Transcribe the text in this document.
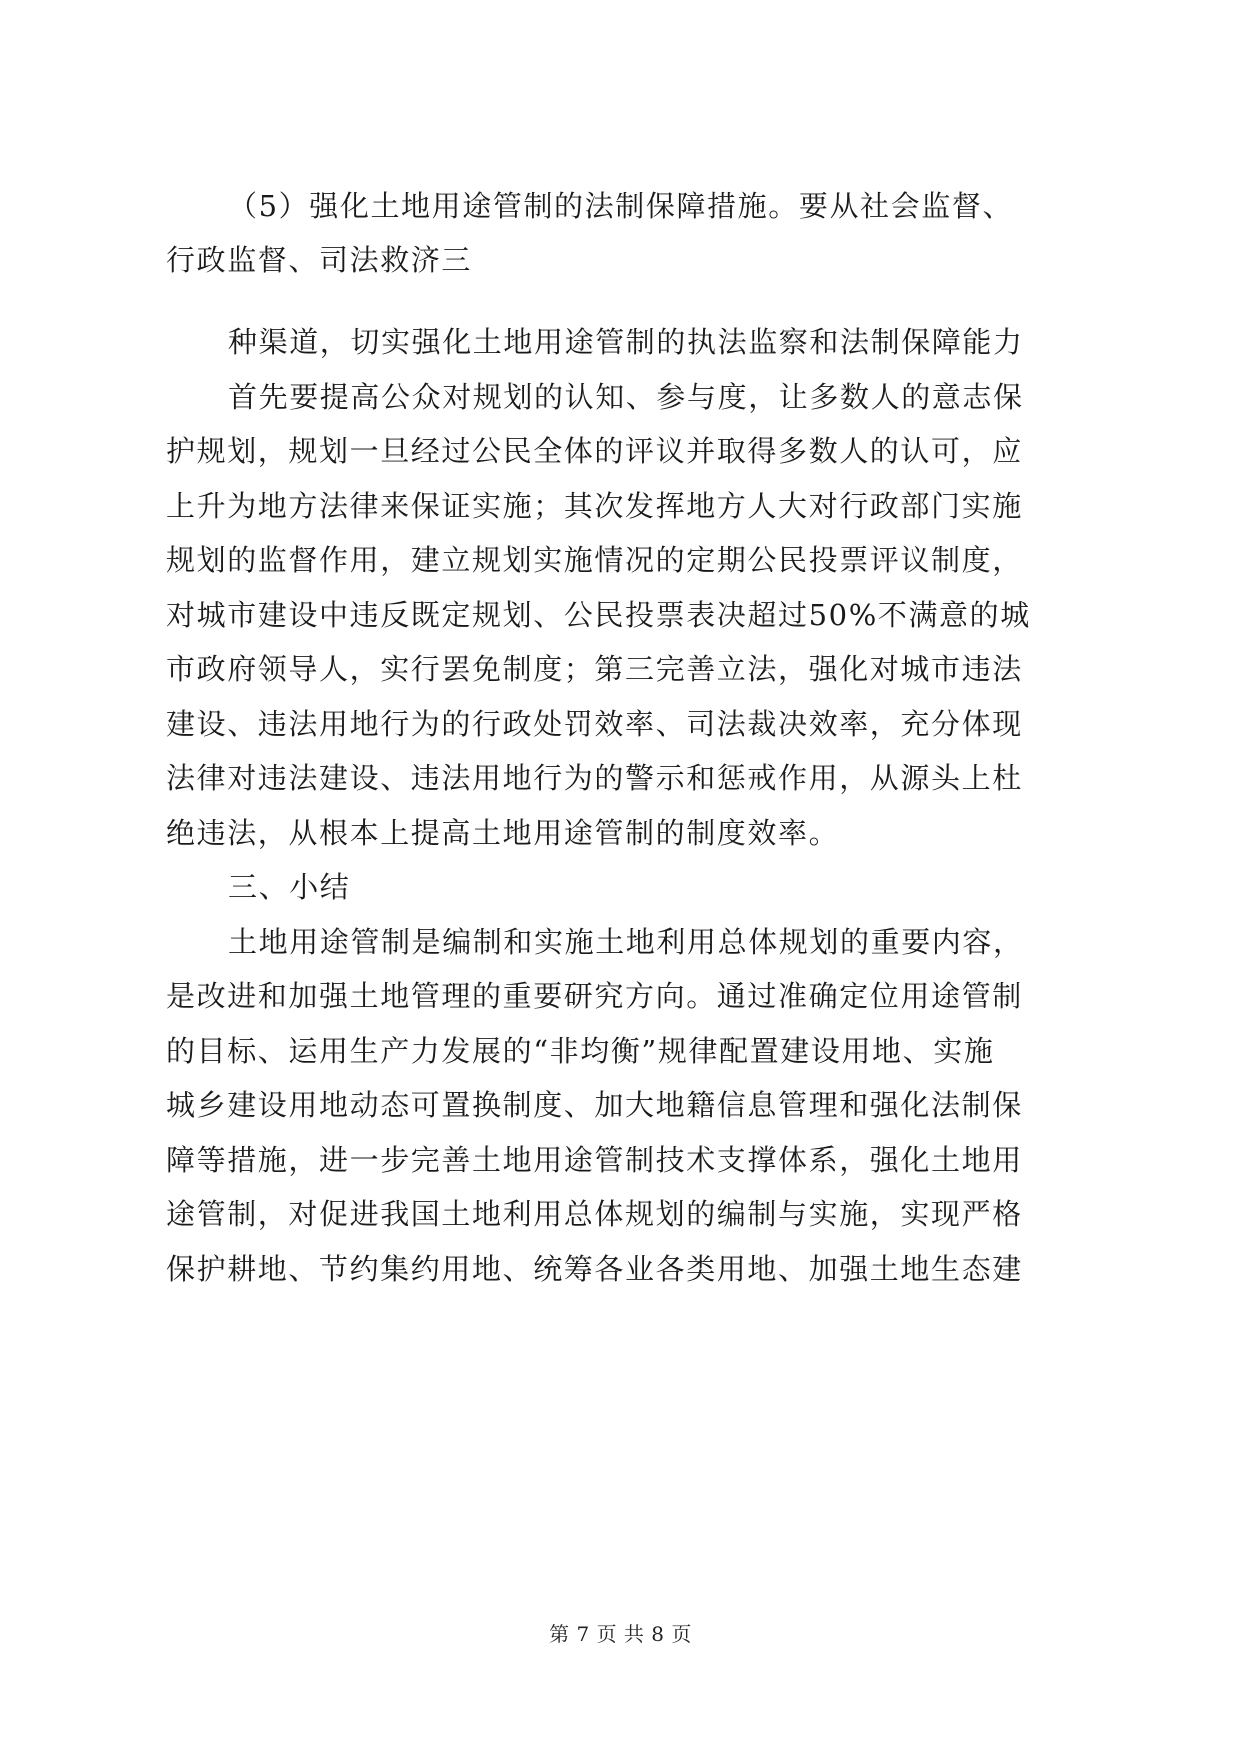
（5）强化土地用途管制的法制保障措施。要从社会监督、
行政监督、司法救济三
种渠道，切实强化土地用途管制的执法监察和法制保障能力
首先要提高公众对规划的认知、参与度，让多数人的意志保
护规划，规划一旦经过公民全体的评议并取得多数人的认可，应
上升为地方法律来保证实施；其次发挥地方人大对行政部门实施
规划的监督作用，建立规划实施情况的定期公民投票评议制度，
对城市建设中违反既定规划、公民投票表决超过50%不满意的城
市政府领导人，实行罢免制度；第三完善立法，强化对城市违法
建设、违法用地行为的行政处罚效率、司法裁决效率，充分体现
法律对违法建设、违法用地行为的警示和惩戒作用，从源头上杜
绝违法，从根本上提高土地用途管制的制度效率。
三、小结
土地用途管制是编制和实施土地利用总体规划的重要内容，
是改进和加强土地管理的重要研究方向。通过准确定位用途管制
的目标、运用生产力发展的“非均衡”规律配置建设用地、实施
城乡建设用地动态可置换制度、加大地籍信息管理和强化法制保
障等措施，进一步完善土地用途管制技术支撑体系，强化土地用
途管制，对促进我国土地利用总体规划的编制与实施，实现严格
保护耕地、节约集约用地、统筹各业各类用地、加强土地生态建
第 7 页 共 8 页
